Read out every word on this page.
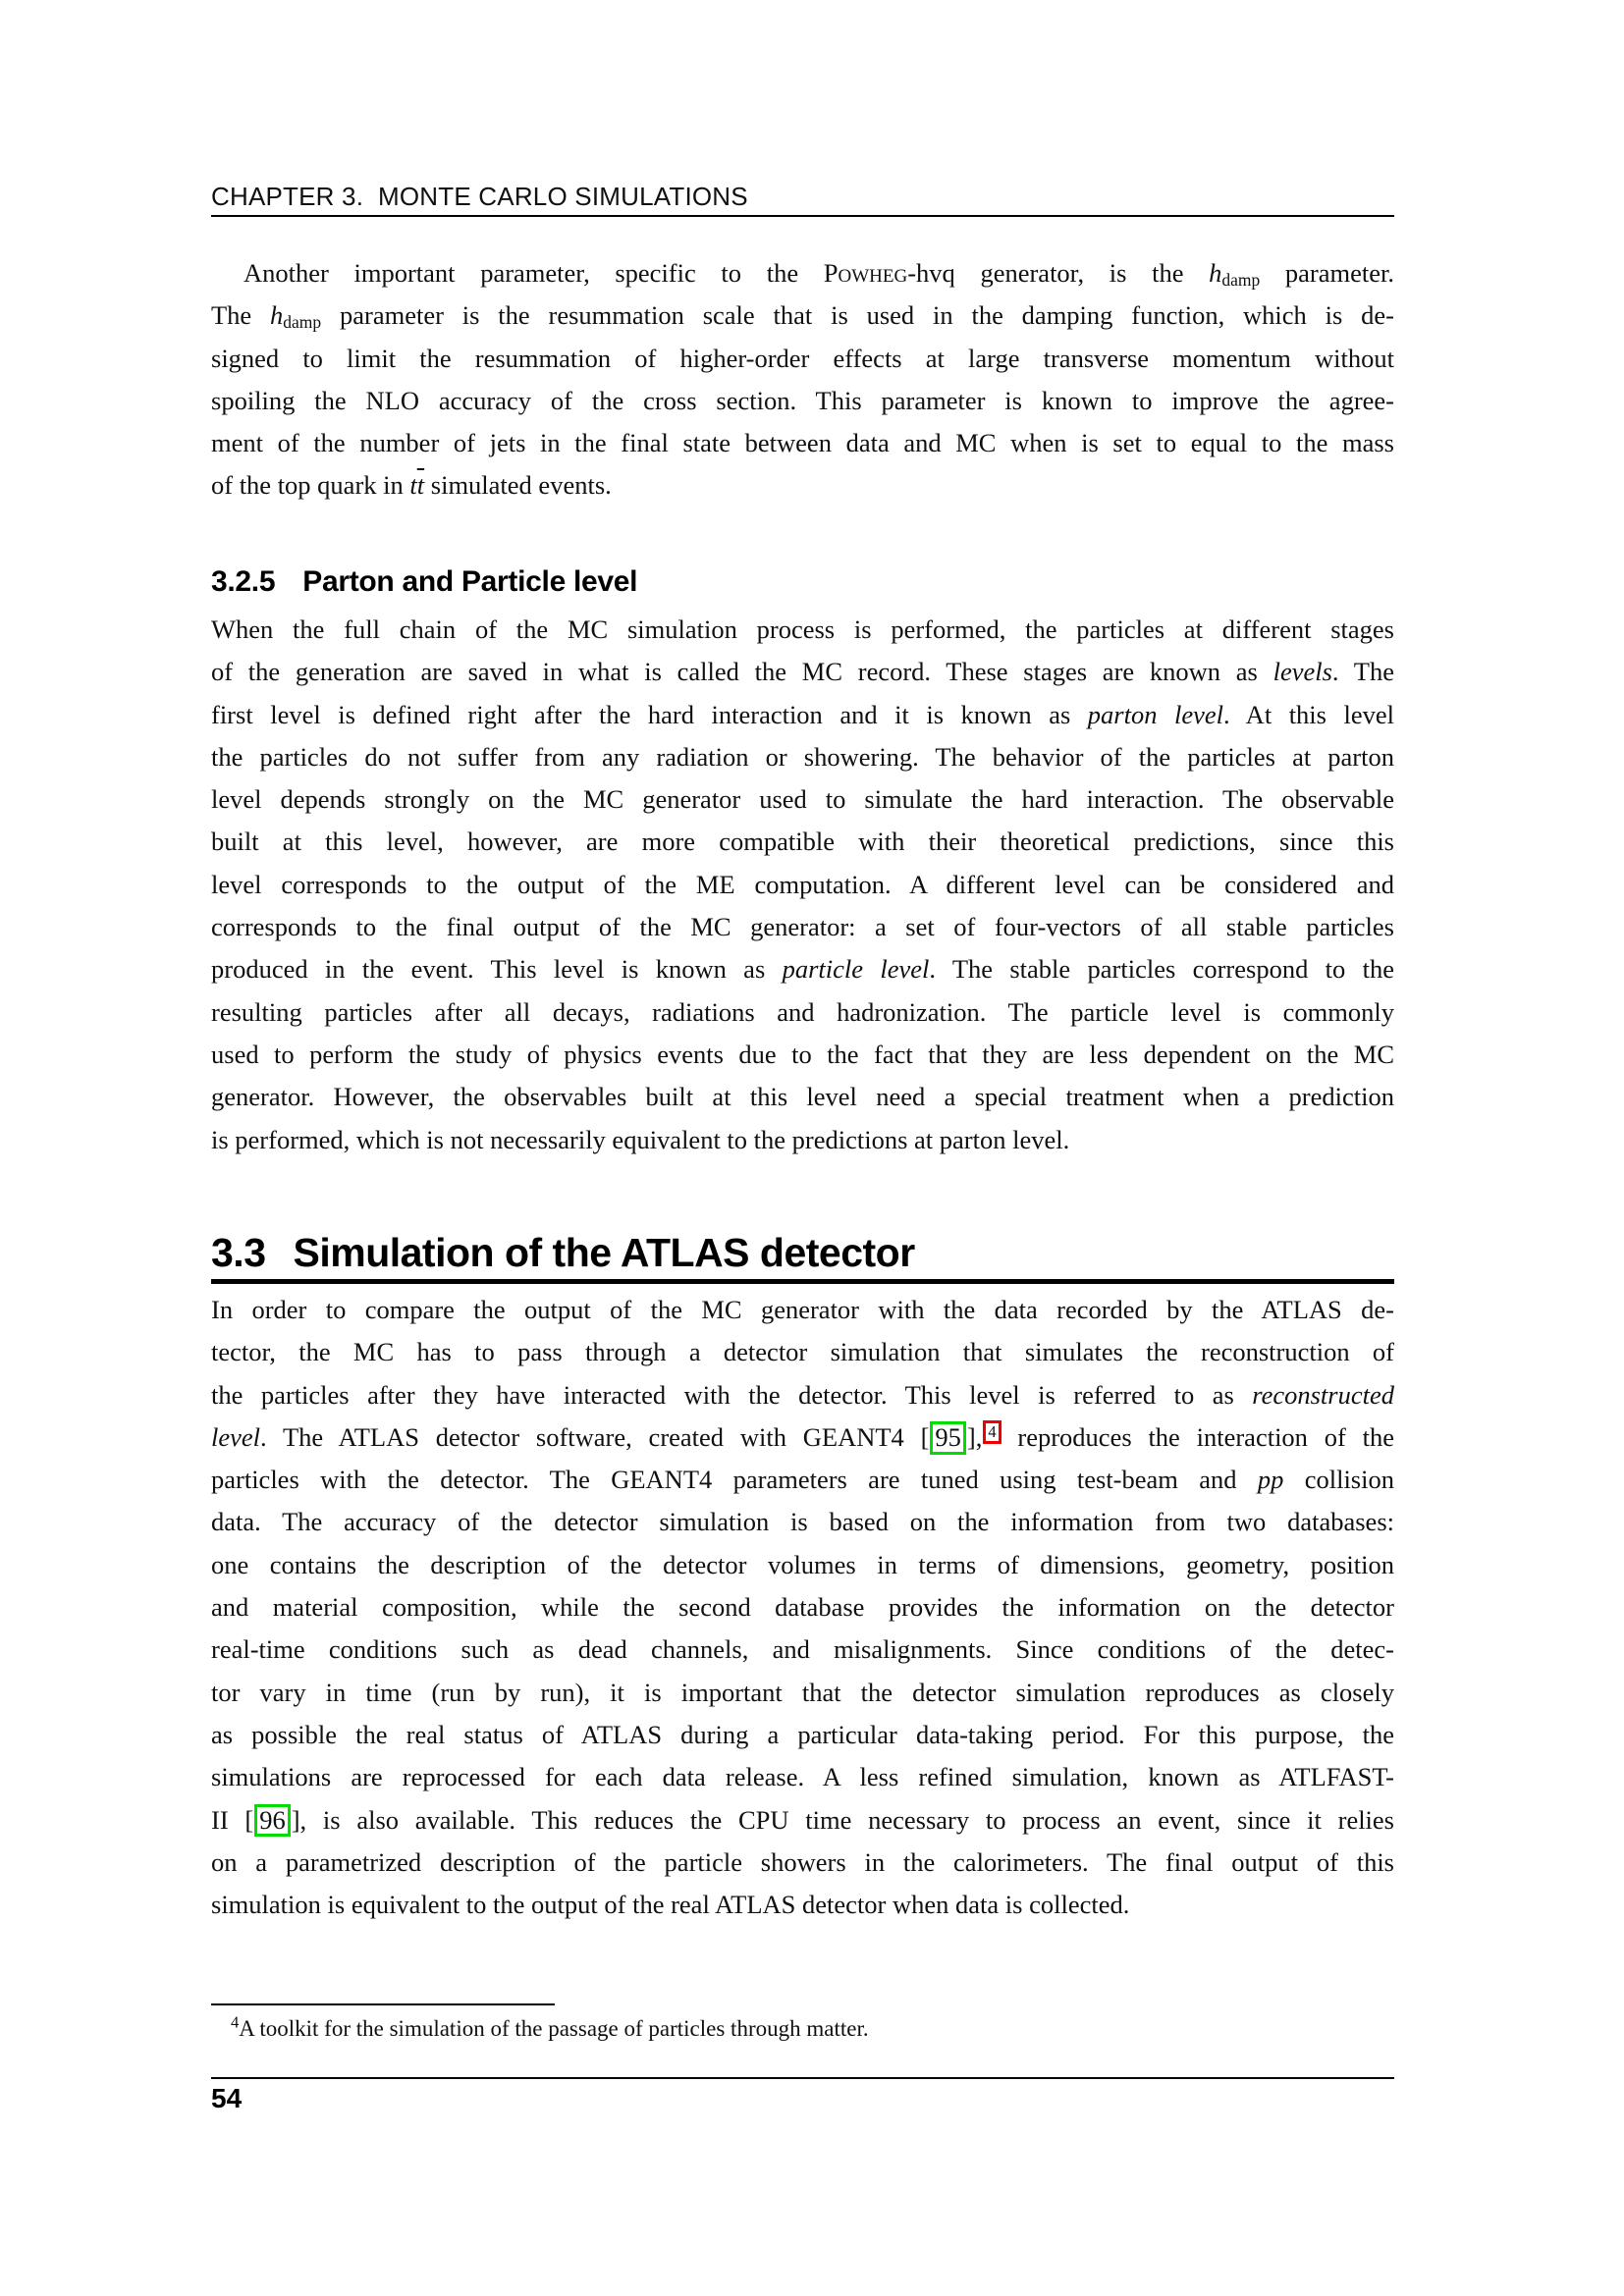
CHAPTER 3.  MONTE CARLO SIMULATIONS
Another important parameter, specific to the Powheg-hvq generator, is the hdamp parameter.
The hdamp parameter is the resummation scale that is used in the damping function, which is de-
signed to limit the resummation of higher-order effects at large transverse momentum without
spoiling the NLO accuracy of the cross section. This parameter is known to improve the agree-
ment of the number of jets in the final state between data and MC when is set to equal to the mass
of the top quark in $t\overline{t}$ simulated events.
3.2.5 Parton and Particle level
When the full chain of the MC simulation process is performed, the particles at different stages
of the generation are saved in what is called the MC record. These stages are known as levels. The
first level is defined right after the hard interaction and it is known as parton level. At this level
the particles do not suffer from any radiation or showering. The behavior of the particles at parton
level depends strongly on the MC generator used to simulate the hard interaction. The observable
built at this level, however, are more compatible with their theoretical predictions, since this
level corresponds to the output of the ME computation. A different level can be considered and
corresponds to the final output of the MC generator: a set of four-vectors of all stable particles
produced in the event. This level is known as particle level. The stable particles correspond to the
resulting particles after all decays, radiations and hadronization. The particle level is commonly
used to perform the study of physics events due to the fact that they are less dependent on the MC
generator. However, the observables built at this level need a special treatment when a prediction
is performed, which is not necessarily equivalent to the predictions at parton level.
3.3 Simulation of the ATLAS detector
In order to compare the output of the MC generator with the data recorded by the ATLAS de-
tector, the MC has to pass through a detector simulation that simulates the reconstruction of
the particles after they have interacted with the detector. This level is referred to as reconstructed
level. The ATLAS detector software, created with GEANT4 [ 95 ], 4 reproduces the interaction of the
particles with the detector. The GEANT4 parameters are tuned using test-beam and pp collision
data. The accuracy of the detector simulation is based on the information from two databases:
one contains the description of the detector volumes in terms of dimensions, geometry, position
and material composition, while the second database provides the information on the detector
real-time conditions such as dead channels, and misalignments. Since conditions of the detec-
tor vary in time (run by run), it is important that the detector simulation reproduces as closely
as possible the real status of ATLAS during a particular data-taking period. For this purpose, the
simulations are reprocessed for each data release. A less refined simulation, known as ATLFAST-
II [ 96 ], is also available. This reduces the CPU time necessary to process an event, since it relies
on a parametrized description of the particle showers in the calorimeters. The final output of this
simulation is equivalent to the output of the real ATLAS detector when data is collected.
$^4$A toolkit for the simulation of the passage of particles through matter.
54
